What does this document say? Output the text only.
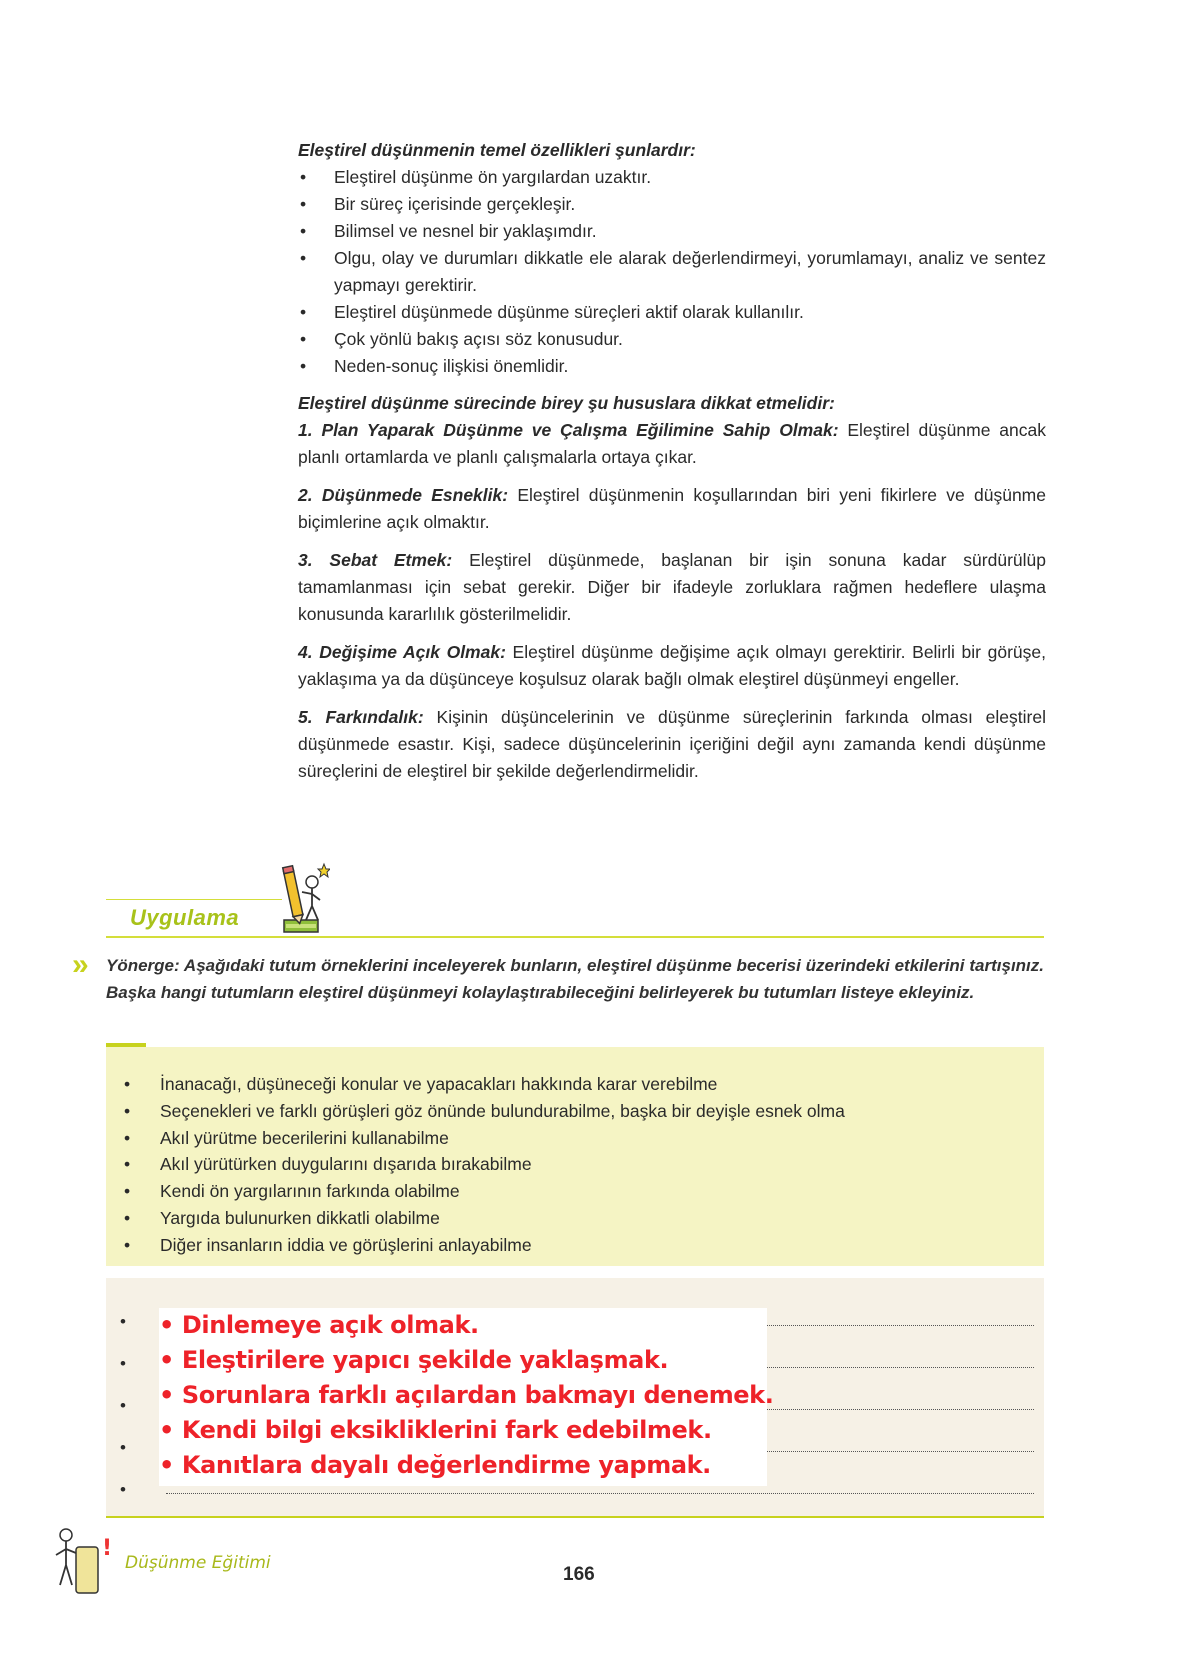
Eleştirel düşünmenin temel özellikleri şunlardır:
• Eleştirel düşünme ön yargılardan uzaktır.
• Bir süreç içerisinde gerçekleşir.
• Bilimsel ve nesnel bir yaklaşımdır.
• Olgu, olay ve durumları dikkatle ele alarak değerlendirmeyi, yorumlamayı, analiz ve sentez yapmayı gerektirir.
• Eleştirel düşünmede düşünme süreçleri aktif olarak kullanılır.
• Çok yönlü bakış açısı söz konusudur.
• Neden-sonuç ilişkisi önemlidir.
Eleştirel düşünme sürecinde birey şu hususlara dikkat etmelidir:

1. Plan Yaparak Düşünme ve Çalışma Eğilimine Sahip Olmak: Eleştirel düşünme ancak planlı ortamlarda ve planlı çalışmalarla ortaya çıkar.

2. Düşünmede Esneklik: Eleştirel düşünmenin koşullarından biri yeni fikirlere ve düşünme biçimlerine açık olmaktır.

3. Sebat Etmek: Eleştirel düşünmede, başlanan bir işin sonuna kadar sürdürülüp tamamlanması için sebat gerekir. Diğer bir ifadeyle zorluklara rağmen hedeflere ulaşma konusunda kararlılık gösterilmelidir.

4. Değişime Açık Olmak: Eleştirel düşünme değişime açık olmayı gerektirir. Belirli bir görüşe, yaklaşıma ya da düşünceye koşulsuz olarak bağlı olmak eleştirel düşünmeyi engeller.

5. Farkındalık: Kişinin düşüncelerinin ve düşünme süreçlerinin farkında olması eleştirel düşünmede esastır. Kişi, sadece düşüncelerinin içeriğini değil aynı zamanda kendi düşünme süreçlerini de eleştirel bir şekilde değerlendirmelidir.

Uygulama
» Yönerge: Aşağıdaki tutum örneklerini inceleyerek bunların, eleştirel düşünme becerisi üzerindeki etkilerini tartışınız. Başka hangi tutumların eleştirel düşünmeyi kolaylaştırabileceğini belirleyerek bu tutumları listeye ekleyiniz.
• İnanacağı, düşüneceği konular ve yapacakları hakkında karar verebilme
• Seçenekleri ve farklı görüşleri göz önünde bulundurabilme, başka bir deyişle esnek olma
• Akıl yürütme becerilerini kullanabilme
• Akıl yürütürken duygularını dışarıda bırakabilme
• Kendi ön yargılarının farkında olabilme
• Yargıda bulunurken dikkatli olabilme
• Diğer insanların iddia ve görüşlerini anlayabilme
•
•
•
•
•
• Dinlemeye açık olmak.
• Eleştirilere yapıcı şekilde yaklaşmak.
• Sorunlara farklı açılardan bakmayı denemek.
• Kendi bilgi eksikliklerini fark edebilmek.
• Kanıtlara dayalı değerlendirme yapmak.
!
Düşünme Eğitimi
166
